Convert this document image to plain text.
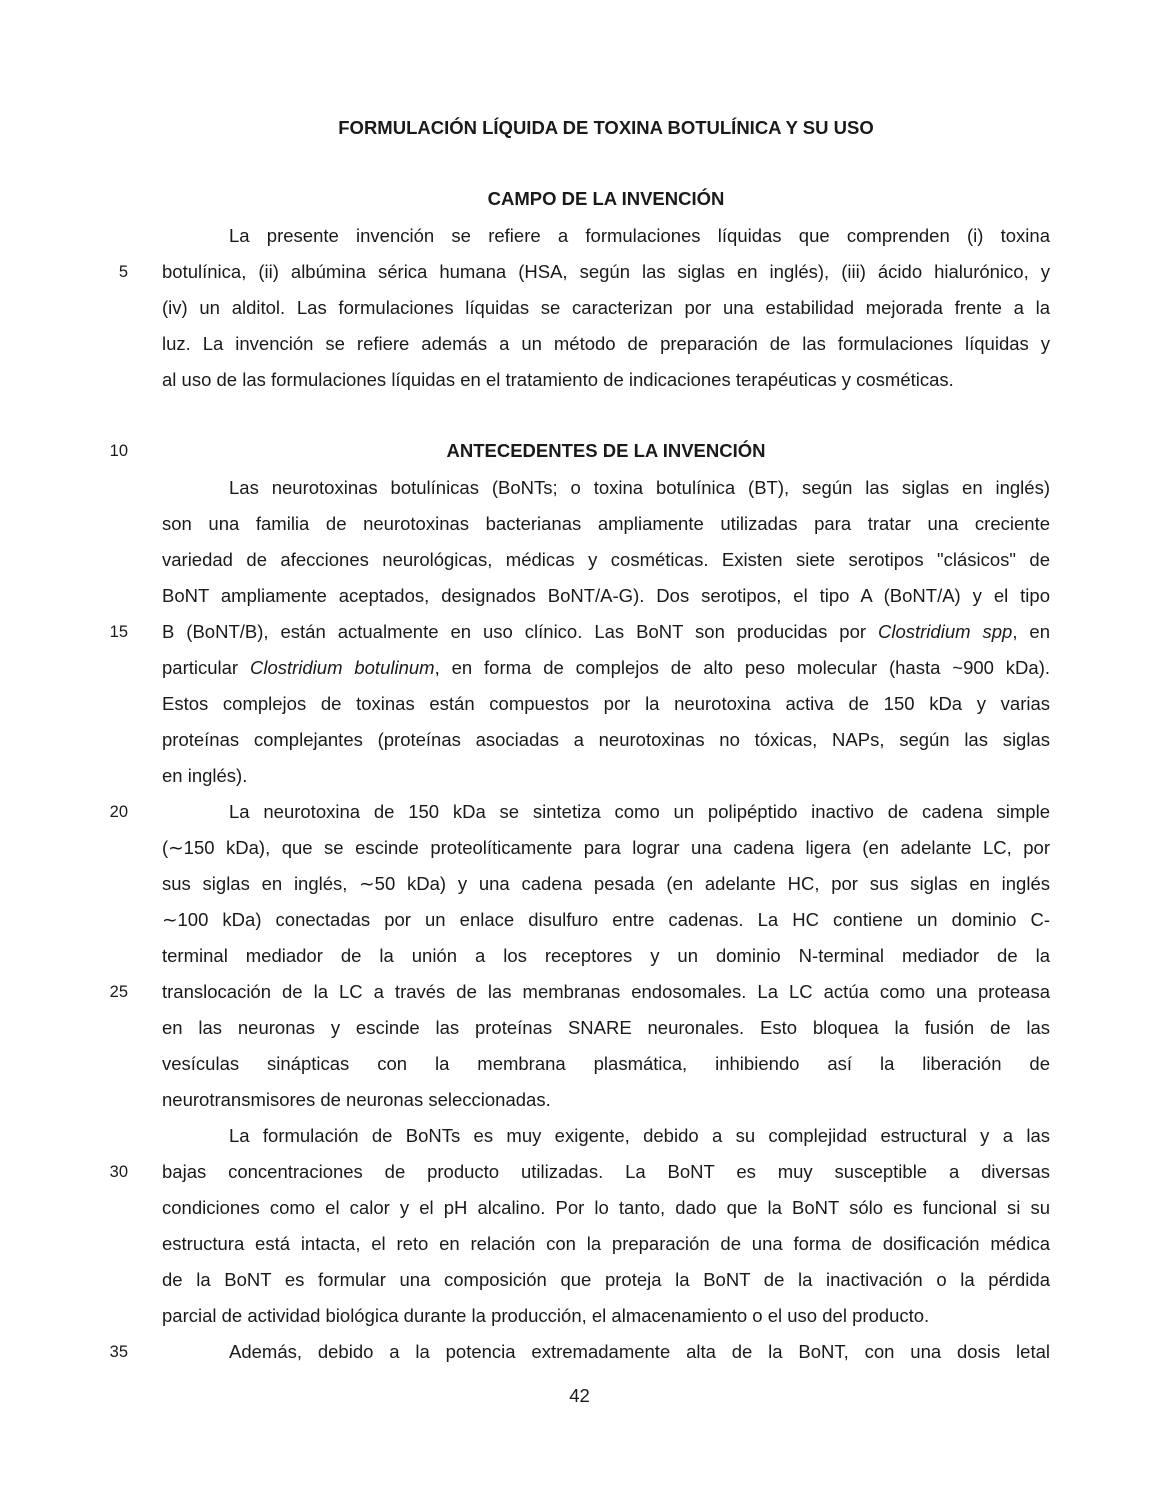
FORMULACIÓN LÍQUIDA DE TOXINA BOTULÍNICA Y SU USO
CAMPO DE LA INVENCIÓN
La presente invención se refiere a formulaciones líquidas que comprenden (i) toxina
botulínica, (ii) albúmina sérica humana (HSA, según las siglas en inglés), (iii) ácido hialurónico, y
(iv) un alditol. Las formulaciones líquidas se caracterizan por una estabilidad mejorada frente a la
luz. La invención se refiere además a un método de preparación de las formulaciones líquidas y
al uso de las formulaciones líquidas en el tratamiento de indicaciones terapéuticas y cosméticas.
ANTECEDENTES DE LA INVENCIÓN
Las neurotoxinas botulínicas (BoNTs; o toxina botulínica (BT), según las siglas en inglés)
son una familia de neurotoxinas bacterianas ampliamente utilizadas para tratar una creciente
variedad de afecciones neurológicas, médicas y cosméticas. Existen siete serotipos "clásicos" de
BoNT ampliamente aceptados, designados BoNT/A-G). Dos serotipos, el tipo A (BoNT/A) y el tipo
B (BoNT/B), están actualmente en uso clínico. Las BoNT son producidas por Clostridium spp, en
particular Clostridium botulinum, en forma de complejos de alto peso molecular (hasta ~900 kDa).
Estos complejos de toxinas están compuestos por la neurotoxina activa de 150 kDa y varias
proteínas complejantes (proteínas asociadas a neurotoxinas no tóxicas, NAPs, según las siglas
en inglés).
La neurotoxina de 150 kDa se sintetiza como un polipéptido inactivo de cadena simple
(∼150 kDa), que se escinde proteolíticamente para lograr una cadena ligera (en adelante LC, por
sus siglas en inglés, ∼50 kDa) y una cadena pesada (en adelante HC, por sus siglas en inglés
∼100 kDa) conectadas por un enlace disulfuro entre cadenas. La HC contiene un dominio C-
terminal mediador de la unión a los receptores y un dominio N-terminal mediador de la
translocación de la LC a través de las membranas endosomales. La LC actúa como una proteasa
en las neuronas y escinde las proteínas SNARE neuronales. Esto bloquea la fusión de las
vesículas sinápticas con la membrana plasmática, inhibiendo así la liberación de
neurotransmisores de neuronas seleccionadas.
La formulación de BoNTs es muy exigente, debido a su complejidad estructural y a las
bajas concentraciones de producto utilizadas. La BoNT es muy susceptible a diversas
condiciones como el calor y el pH alcalino. Por lo tanto, dado que la BoNT sólo es funcional si su
estructura está intacta, el reto en relación con la preparación de una forma de dosificación médica
de la BoNT es formular una composición que proteja la BoNT de la inactivación o la pérdida
parcial de actividad biológica durante la producción, el almacenamiento o el uso del producto.
Además, debido a la potencia extremadamente alta de la BoNT, con una dosis letal
5
10
15
20
25
30
35
42
